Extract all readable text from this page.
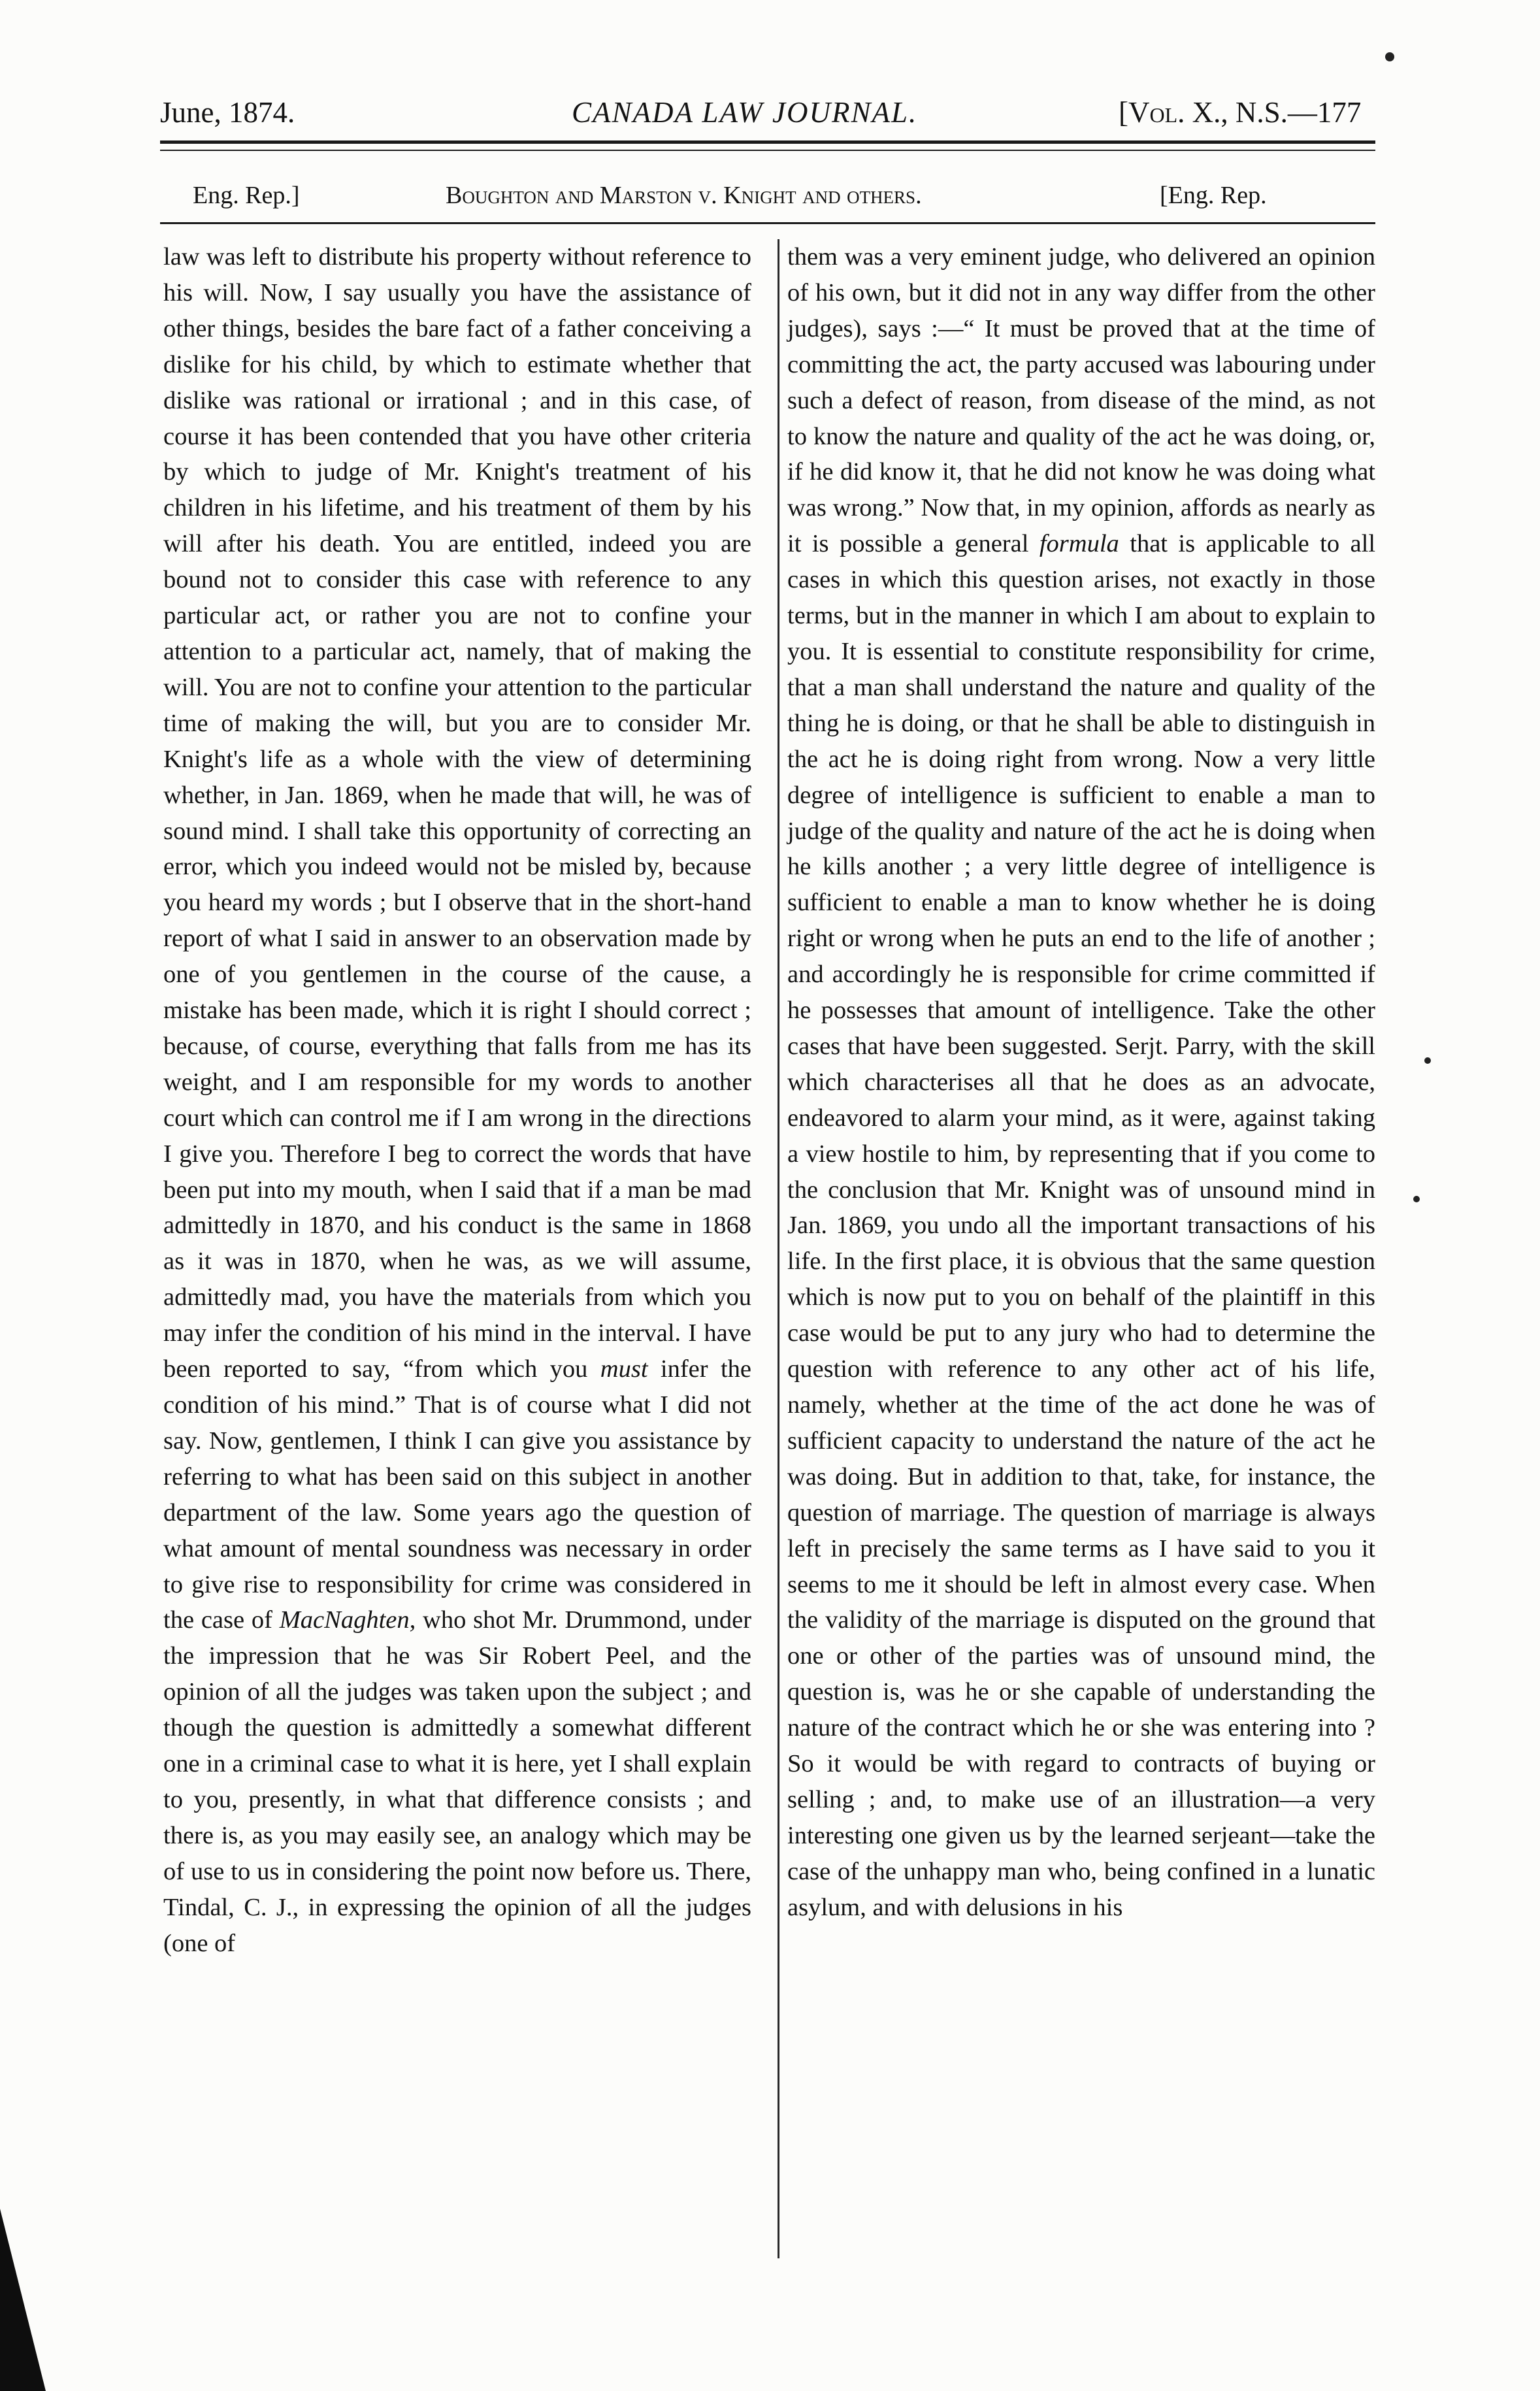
June, 1874.	CANADA LAW JOURNAL.	[Vol. X., N.S.—177
Eng. Rep.]	Boughton and Marston v. Knight and others.	[Eng. Rep.

law was left to distribute his property without reference to his will. Now, I say usually you have the assistance of other things, besides the bare fact of a father conceiving a dislike for his child, by which to estimate whether that dislike was rational or irrational ; and in this case, of course it has been contended that you have other criteria by which to judge of Mr. Knight's treatment of his children in his lifetime, and his treatment of them by his will after his death. You are entitled, indeed you are bound not to consider this case with reference to any particular act, or rather you are not to confine your attention to a particular act, namely, that of making the will. You are not to confine your attention to the particular time of making the will, but you are to consider Mr. Knight's life as a whole with the view of determining whether, in Jan. 1869, when he made that will, he was of sound mind. I shall take this opportunity of correcting an error, which you indeed would not be misled by, because you heard my words ; but I observe that in the short-hand report of what I said in answer to an observation made by one of you gentlemen in the course of the cause, a mistake has been made, which it is right I should correct ; because, of course, everything that falls from me has its weight, and I am responsible for my words to another court which can control me if I am wrong in the directions I give you. Therefore I beg to correct the words that have been put into my mouth, when I said that if a man be mad admittedly in 1870, and his conduct is the same in 1868 as it was in 1870, when he was, as we will assume, admittedly mad, you have the materials from which you may infer the condition of his mind in the interval. I have been reported to say, “from which you must infer the condition of his mind.” That is of course what I did not say. Now, gentlemen, I think I can give you assistance by referring to what has been said on this subject in another department of the law. Some years ago the question of what amount of mental soundness was necessary in order to give rise to responsibility for crime was considered in the case of MacNaghten, who shot Mr. Drummond, under the impression that he was Sir Robert Peel, and the opinion of all the judges was taken upon the subject ; and though the question is admittedly a somewhat different one in a criminal case to what it is here, yet I shall explain to you, presently, in what that difference consists ; and there is, as you may easily see, an analogy which may be of use to us in considering the point now before us. There, Tindal, C. J., in expressing the opinion of all the judges (one of

them was a very eminent judge, who delivered an opinion of his own, but it did not in any way differ from the other judges), says :—“ It must be proved that at the time of committing the act, the party accused was labouring under such a defect of reason, from disease of the mind, as not to know the nature and quality of the act he was doing, or, if he did know it, that he did not know he was doing what was wrong.” Now that, in my opinion, affords as nearly as it is possible a general formula that is applicable to all cases in which this question arises, not exactly in those terms, but in the manner in which I am about to explain to you. It is essential to constitute responsibility for crime, that a man shall understand the nature and quality of the thing he is doing, or that he shall be able to distinguish in the act he is doing right from wrong. Now a very little degree of intelligence is sufficient to enable a man to judge of the quality and nature of the act he is doing when he kills another ; a very little degree of intelligence is sufficient to enable a man to know whether he is doing right or wrong when he puts an end to the life of another ; and accordingly he is responsible for crime committed if he possesses that amount of intelligence. Take the other cases that have been suggested. Serjt. Parry, with the skill which characterises all that he does as an advocate, endeavored to alarm your mind, as it were, against taking a view hostile to him, by representing that if you come to the conclusion that Mr. Knight was of unsound mind in Jan. 1869, you undo all the important transactions of his life. In the first place, it is obvious that the same question which is now put to you on behalf of the plaintiff in this case would be put to any jury who had to determine the question with reference to any other act of his life, namely, whether at the time of the act done he was of sufficient capacity to understand the nature of the act he was doing. But in addition to that, take, for instance, the question of marriage. The question of marriage is always left in precisely the same terms as I have said to you it seems to me it should be left in almost every case. When the validity of the marriage is disputed on the ground that one or other of the parties was of unsound mind, the question is, was he or she capable of understanding the nature of the contract which he or she was entering into ? So it would be with regard to contracts of buying or selling ; and, to make use of an illustration—a very interesting one given us by the learned serjeant—take the case of the unhappy man who, being confined in a lunatic asylum, and with delusions in his
